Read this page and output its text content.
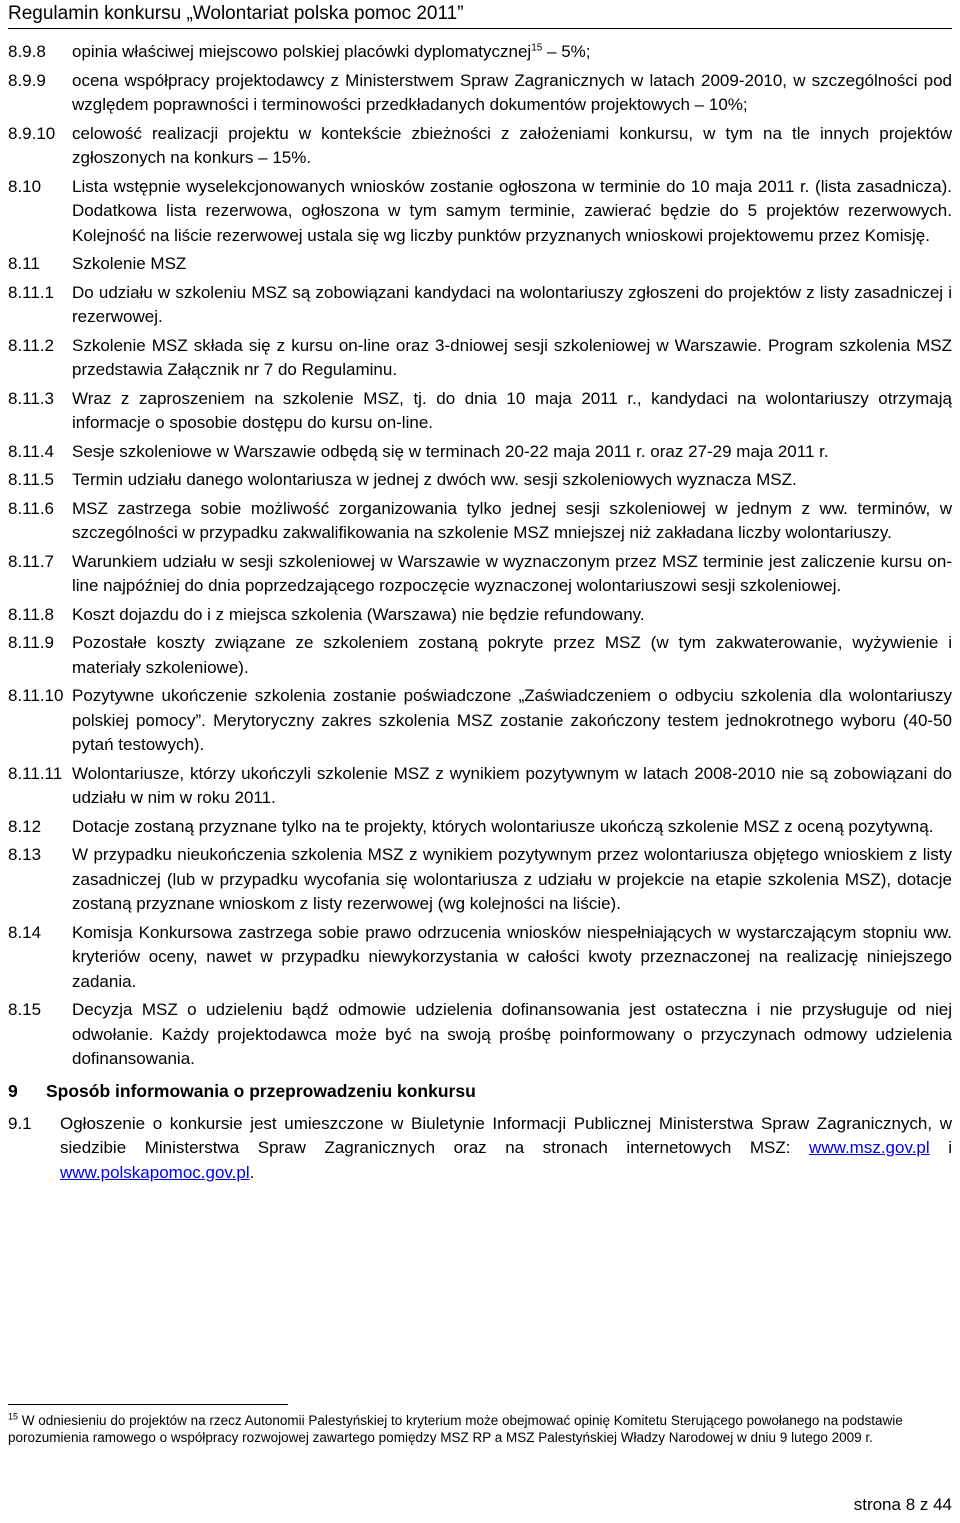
Regulamin konkursu „Wolontariat polska pomoc 2011”
8.9.8	opinia właściwej miejscowo polskiej placówki dyplomatycznej$^{15}$ – 5%;
8.9.9	ocena współpracy projektodawcy z Ministerstwem Spraw Zagranicznych w latach 2009-2010, w szczególności pod względem poprawności i terminowości przedkładanych dokumentów projektowych – 10%;
8.9.10 celowość realizacji projektu w kontekście zbieżności z założeniami konkursu, w tym na tle innych projektów zgłoszonych na konkurs – 15%.
8.10	Lista wstępnie wyselekcjonowanych wniosków zostanie ogłoszona w terminie do 10 maja 2011 r. (lista zasadnicza). Dodatkowa lista rezerwowa, ogłoszona w tym samym terminie, zawierać będzie do 5 projektów rezerwowych. Kolejność na liście rezerwowej ustala się wg liczby punktów przyznanych wnioskowi projektowemu przez Komisję.
8.11	Szkolenie MSZ
8.11.1	Do udziału w szkoleniu MSZ są zobowiązani kandydaci na wolontariuszy zgłoszeni do projektów z listy zasadniczej i rezerwowej.
8.11.2	Szkolenie MSZ składa się z kursu on-line oraz 3-dniowej sesji szkoleniowej w Warszawie. Program szkolenia MSZ przedstawia Załącznik nr 7 do Regulaminu.
8.11.3	Wraz z zaproszeniem na szkolenie MSZ, tj. do dnia 10 maja 2011 r., kandydaci na wolontariuszy otrzymają informacje o sposobie dostępu do kursu on-line.
8.11.4	Sesje szkoleniowe w Warszawie odbędą się w terminach 20-22 maja 2011 r. oraz 27-29 maja 2011 r.
8.11.5	Termin udziału danego wolontariusza w jednej z dwóch ww. sesji szkoleniowych wyznacza MSZ.
8.11.6	MSZ zastrzega sobie możliwość zorganizowania tylko jednej sesji szkoleniowej w jednym z ww. terminów, w szczególności w przypadku zakwalifikowania na szkolenie MSZ mniejszej niż zakładana liczby wolontariuszy.
8.11.7	Warunkiem udziału w sesji szkoleniowej w Warszawie w wyznaczonym przez MSZ terminie jest zaliczenie kursu on-line najpóźniej do dnia poprzedzającego rozpoczęcie wyznaczonej wolontariuszowi sesji szkoleniowej.
8.11.8	Koszt dojazdu do i z miejsca szkolenia (Warszawa) nie będzie refundowany.
8.11.9	Pozostałe koszty związane ze szkoleniem zostaną pokryte przez MSZ (w tym zakwaterowanie, wyżywienie i materiały szkoleniowe).
8.11.10 Pozytywne ukończenie szkolenia zostanie poświadczone „Zaświadczeniem o odbyciu szkolenia dla wolontariuszy polskiej pomocy”. Merytoryczny zakres szkolenia MSZ zostanie zakończony testem jednokrotnego wyboru (40-50 pytań testowych).
8.11.11 Wolontariusze, którzy ukończyli szkolenie MSZ z wynikiem pozytywnym w latach 2008-2010 nie są zobowiązani do udziału w nim w roku 2011.
8.12	Dotacje zostaną przyznane tylko na te projekty, których wolontariusze ukończą szkolenie MSZ z oceną pozytywną.
8.13	W przypadku nieukończenia szkolenia MSZ z wynikiem pozytywnym przez wolontariusza objętego wnioskiem z listy zasadniczej (lub w przypadku wycofania się wolontariusza z udziału w projekcie na etapie szkolenia MSZ), dotacje zostaną przyznane wnioskom z listy rezerwowej (wg kolejności na liście).
8.14	Komisja Konkursowa zastrzega sobie prawo odrzucenia wniosków niespełniających w wystarczającym stopniu ww. kryteriów oceny, nawet w przypadku niewykorzystania w całości kwoty przeznaczonej na realizację niniejszego zadania.
8.15	Decyzja MSZ o udzieleniu bądź odmowie udzielenia dofinansowania jest ostateczna i nie przysługuje od niej odwołanie. Każdy projektodawca może być na swoją prośbę poinformowany o przyczynach odmowy udzielenia dofinansowania.
9	Sposób informowania o przeprowadzeniu konkursu
9.1	Ogłoszenie o konkursie jest umieszczone w Biuletynie Informacji Publicznej Ministerstwa Spraw Zagranicznych, w siedzibie Ministerstwa Spraw Zagranicznych oraz na stronach internetowych MSZ: www.msz.gov.pl i www.polskapomoc.gov.pl.
$^{15}$ W odniesieniu do projektów na rzecz Autonomii Palestyńskiej to kryterium może obejmować opinię Komitetu Sterującego powołanego na podstawie porozumienia ramowego o współpracy rozwojowej zawartego pomiędzy MSZ RP a MSZ Palestyńskiej Władzy Narodowej w dniu 9 lutego 2009 r.
strona 8 z 44
